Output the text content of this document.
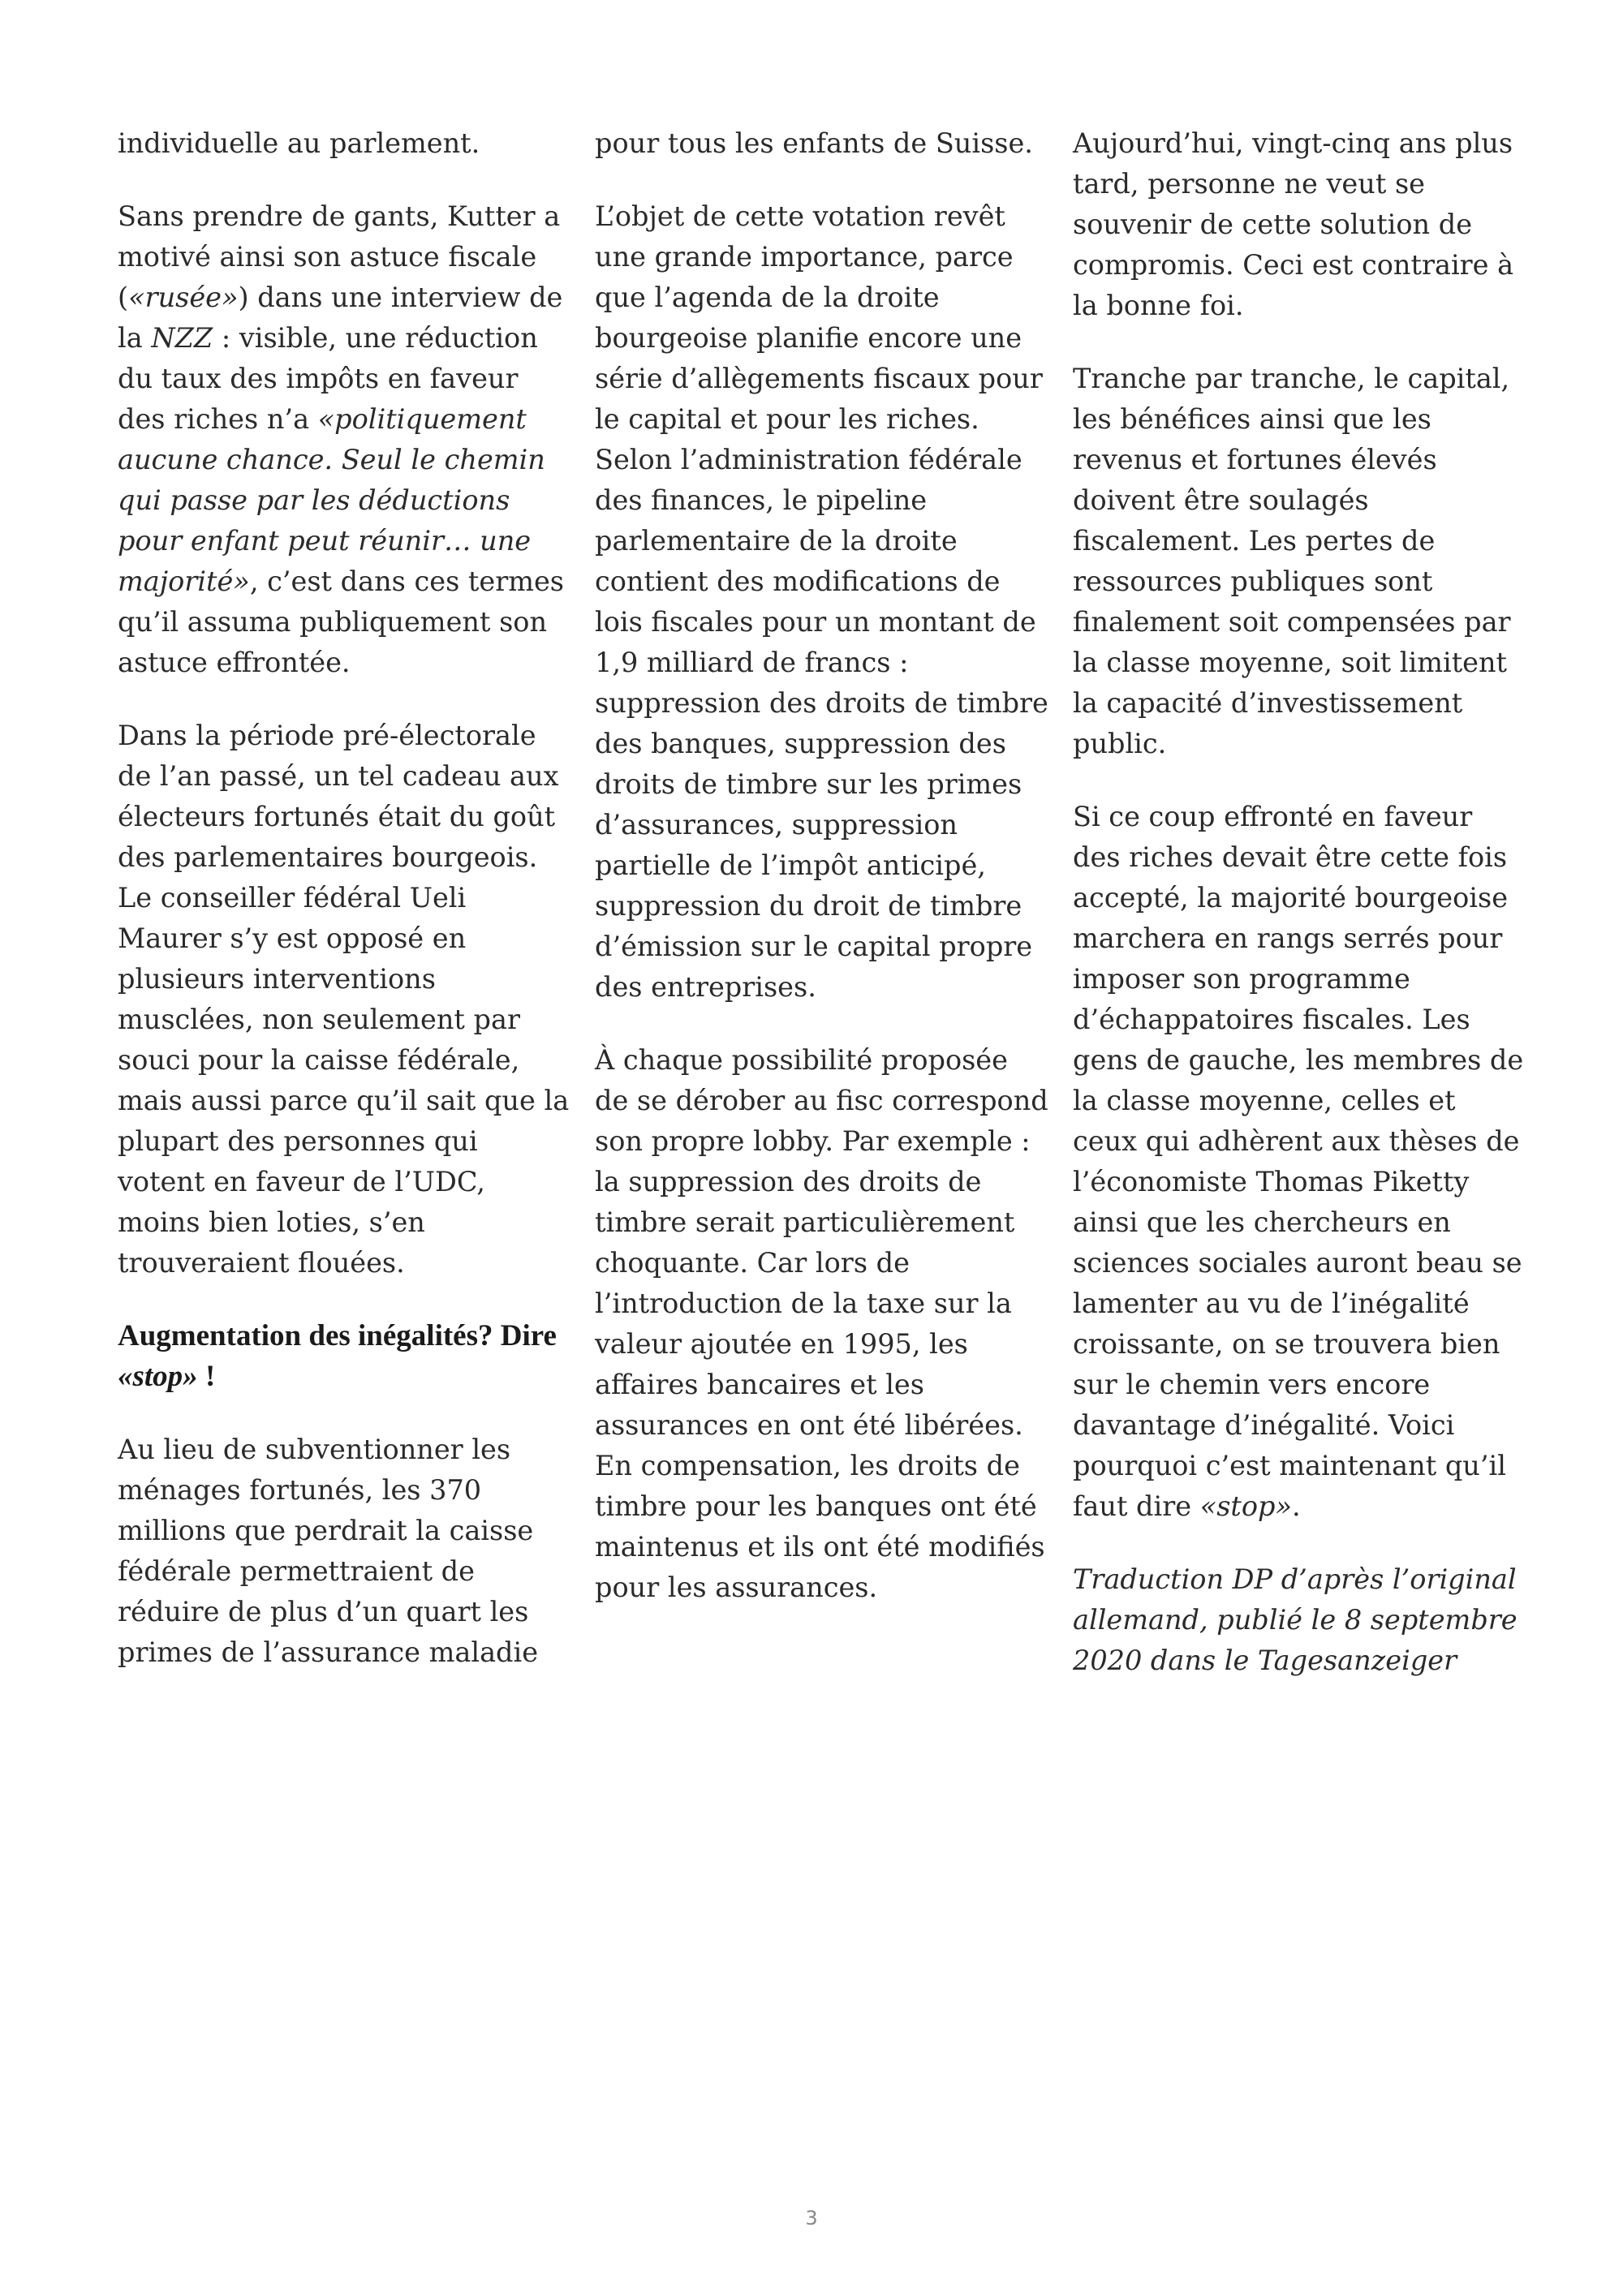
individuelle au parlement.

Sans prendre de gants, Kutter a motivé ainsi son astuce fiscale («rusée») dans une interview de la NZZ : visible, une réduction du taux des impôts en faveur des riches n’a «politiquement aucune chance. Seul le chemin qui passe par les déductions pour enfant peut réunir… une majorité», c’est dans ces termes qu’il assuma publiquement son astuce effrontée.

Dans la période pré-électorale de l’an passé, un tel cadeau aux électeurs fortunés était du goût des parlementaires bourgeois. Le conseiller fédéral Ueli Maurer s’y est opposé en plusieurs interventions musclées, non seulement par souci pour la caisse fédérale, mais aussi parce qu’il sait que la plupart des personnes qui votent en faveur de l’UDC, moins bien loties, s’en trouveraient flouées.

Augmentation des inégalités? Dire «stop» !

Au lieu de subventionner les ménages fortunés, les 370 millions que perdrait la caisse fédérale permettraient de réduire de plus d’un quart les primes de l’assurance maladie

pour tous les enfants de Suisse.

L’objet de cette votation revêt une grande importance, parce que l’agenda de la droite bourgeoise planifie encore une série d’allègements fiscaux pour le capital et pour les riches. Selon l’administration fédérale des finances, le pipeline parlementaire de la droite contient des modifications de lois fiscales pour un montant de 1,9 milliard de francs : suppression des droits de timbre des banques, suppression des droits de timbre sur les primes d’assurances, suppression partielle de l’impôt anticipé, suppression du droit de timbre d’émission sur le capital propre des entreprises.

À chaque possibilité proposée de se dérober au fisc correspond son propre lobby. Par exemple : la suppression des droits de timbre serait particulièrement choquante. Car lors de l’introduction de la taxe sur la valeur ajoutée en 1995, les affaires bancaires et les assurances en ont été libérées. En compensation, les droits de timbre pour les banques ont été maintenus et ils ont été modifiés pour les assurances.

Aujourd’hui, vingt-cinq ans plus tard, personne ne veut se souvenir de cette solution de compromis. Ceci est contraire à la bonne foi.

Tranche par tranche, le capital, les bénéfices ainsi que les revenus et fortunes élevés doivent être soulagés fiscalement. Les pertes de ressources publiques sont finalement soit compensées par la classe moyenne, soit limitent la capacité d’investissement public.

Si ce coup effronté en faveur des riches devait être cette fois accepté, la majorité bourgeoise marchera en rangs serrés pour imposer son programme d’échappatoires fiscales. Les gens de gauche, les membres de la classe moyenne, celles et ceux qui adhèrent aux thèses de l’économiste Thomas Piketty ainsi que les chercheurs en sciences sociales auront beau se lamenter au vu de l’inégalité croissante, on se trouvera bien sur le chemin vers encore davantage d’inégalité. Voici pourquoi c’est maintenant qu’il faut dire «stop».

Traduction DP d’après l’original allemand, publié le 8 septembre 2020 dans le Tagesanzeiger

3
